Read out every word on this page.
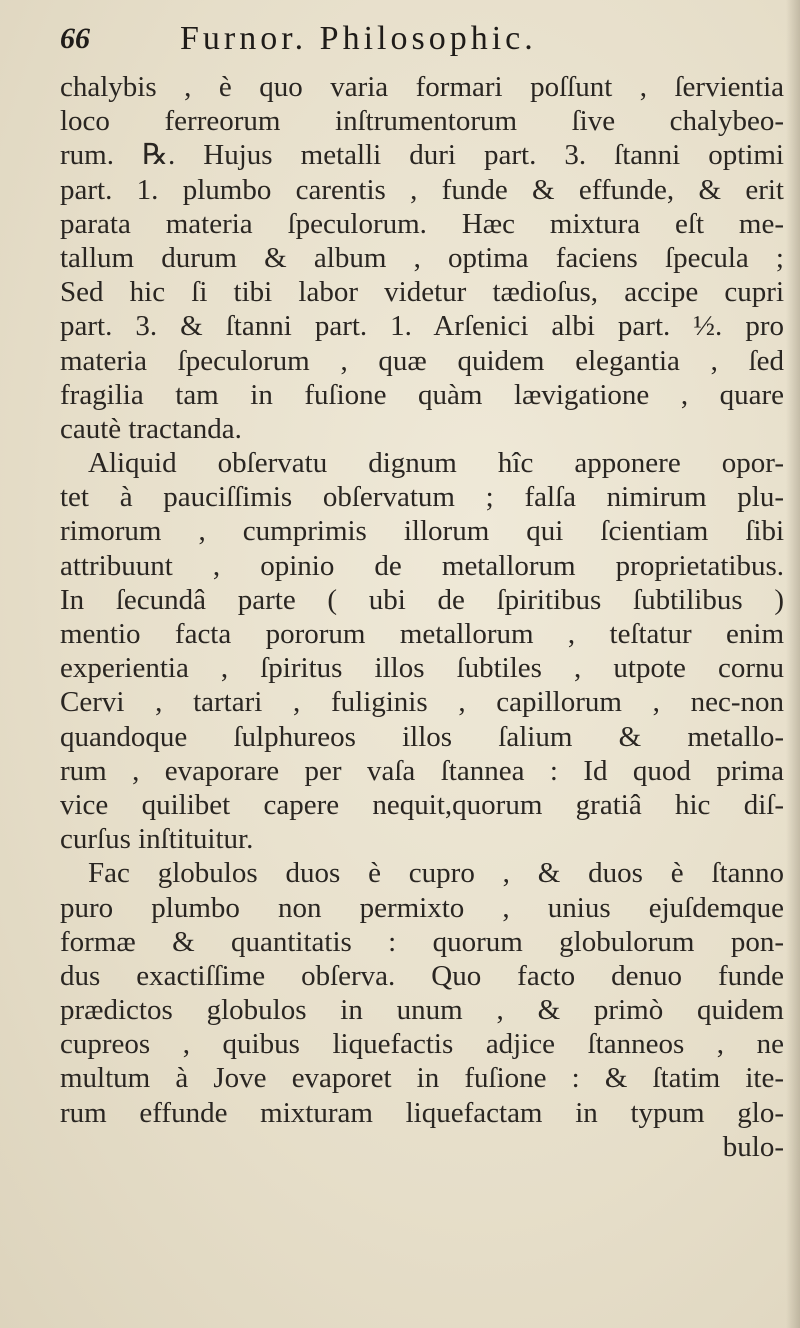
66	Furnor. Philosophic.
chalybis , è quo varia formari poſſunt , ſervientia
loco ferreorum inſtrumentorum ſive chalybeo-
rum. ℞. Hujus metalli duri part. 3. ſtanni optimi
part. 1. plumbo carentis , funde & effunde, & erit
parata materia ſpeculorum. Hæc mixtura eſt me-
tallum durum & album , optima faciens ſpecula ;
Sed hic ſi tibi labor videtur tædioſus, accipe cupri
part. 3. & ſtanni part. 1. Arſenici albi part. ½. pro
materia ſpeculorum , quæ quidem elegantia , ſed
fragilia tam in fuſione quàm lævigatione , quare
cautè tractanda.
Aliquid obſervatu dignum hîc apponere opor-
tet à pauciſſimis obſervatum ; falſa nimirum plu-
rimorum , cumprimis illorum qui ſcientiam ſibi
attribuunt , opinio de metallorum proprietatibus.
In ſecundâ parte ( ubi de ſpiritibus ſubtilibus )
mentio facta pororum metallorum , teſtatur enim
experientia , ſpiritus illos ſubtiles , utpote cornu
Cervi , tartari , fuliginis , capillorum , nec-non
quandoque ſulphureos illos ſalium & metallo-
rum , evaporare per vaſa ſtannea : Id quod prima
vice quilibet capere nequit,quorum gratiâ hic diſ-
curſus inſtituitur.
Fac globulos duos è cupro , & duos è ſtanno
puro plumbo non permixto , unius ejuſdemque
formæ & quantitatis : quorum globulorum pon-
dus exactiſſime obſerva. Quo facto denuo funde
prædictos globulos in unum , & primò quidem
cupreos , quibus liquefactis adjice ſtanneos , ne
multum à Jove evaporet in fuſione : & ſtatim ite-
rum effunde mixturam liquefactam in typum glo-
bulo-
